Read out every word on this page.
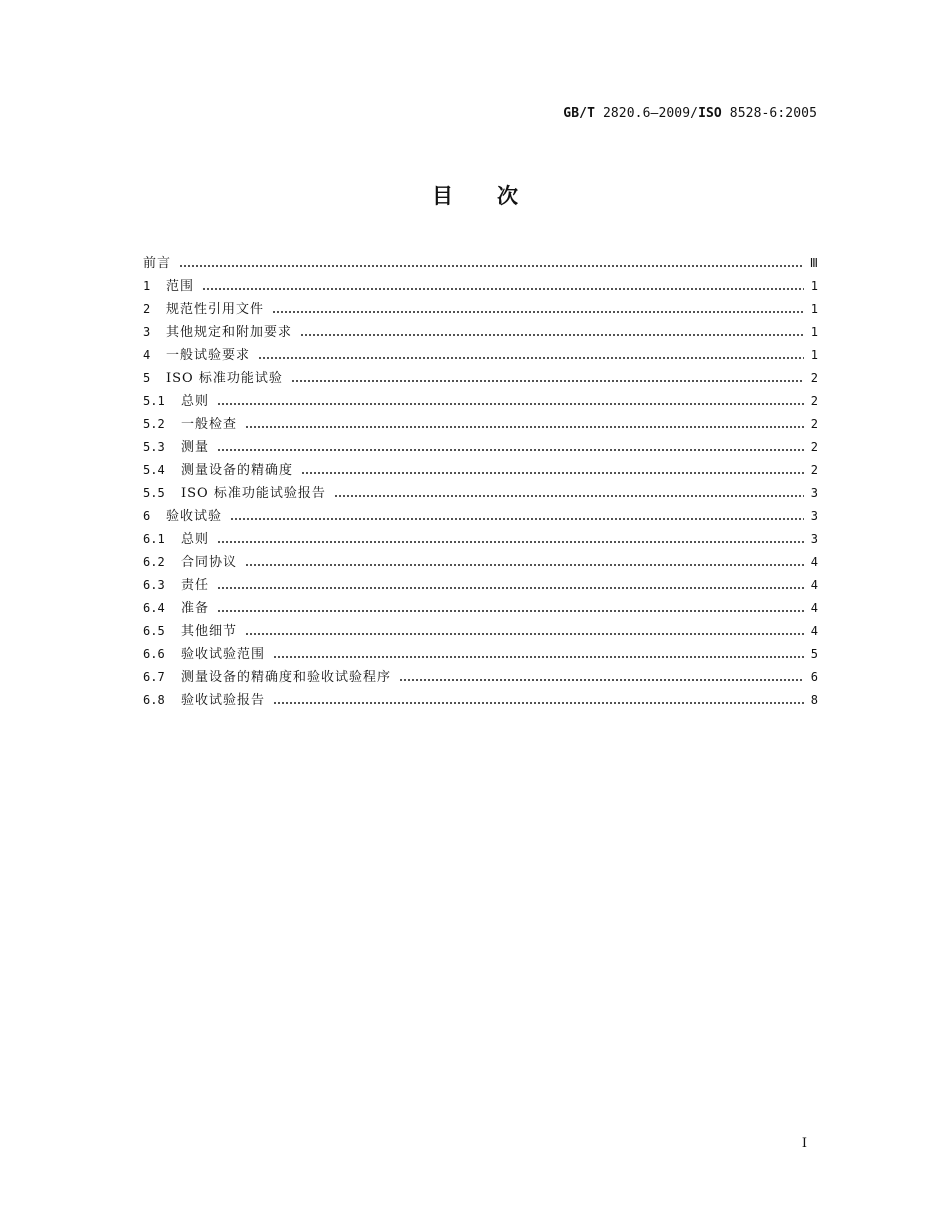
GB/T 2820.6—2009/ISO 8528-6:2005
目次
前言	Ⅲ
1	范围	1
2	规范性引用文件	1
3	其他规定和附加要求	1
4	一般试验要求	1
5	ISO 标准功能试验	2
5.1	总则	2
5.2	一般检查	2
5.3	测量	2
5.4	测量设备的精确度	2
5.5	ISO 标准功能试验报告	3
6	验收试验	3
6.1	总则	3
6.2	合同协议	4
6.3	责任	4
6.4	准备	4
6.5	其他细节	4
6.6	验收试验范围	5
6.7	测量设备的精确度和验收试验程序	6
6.8	验收试验报告	8
I
